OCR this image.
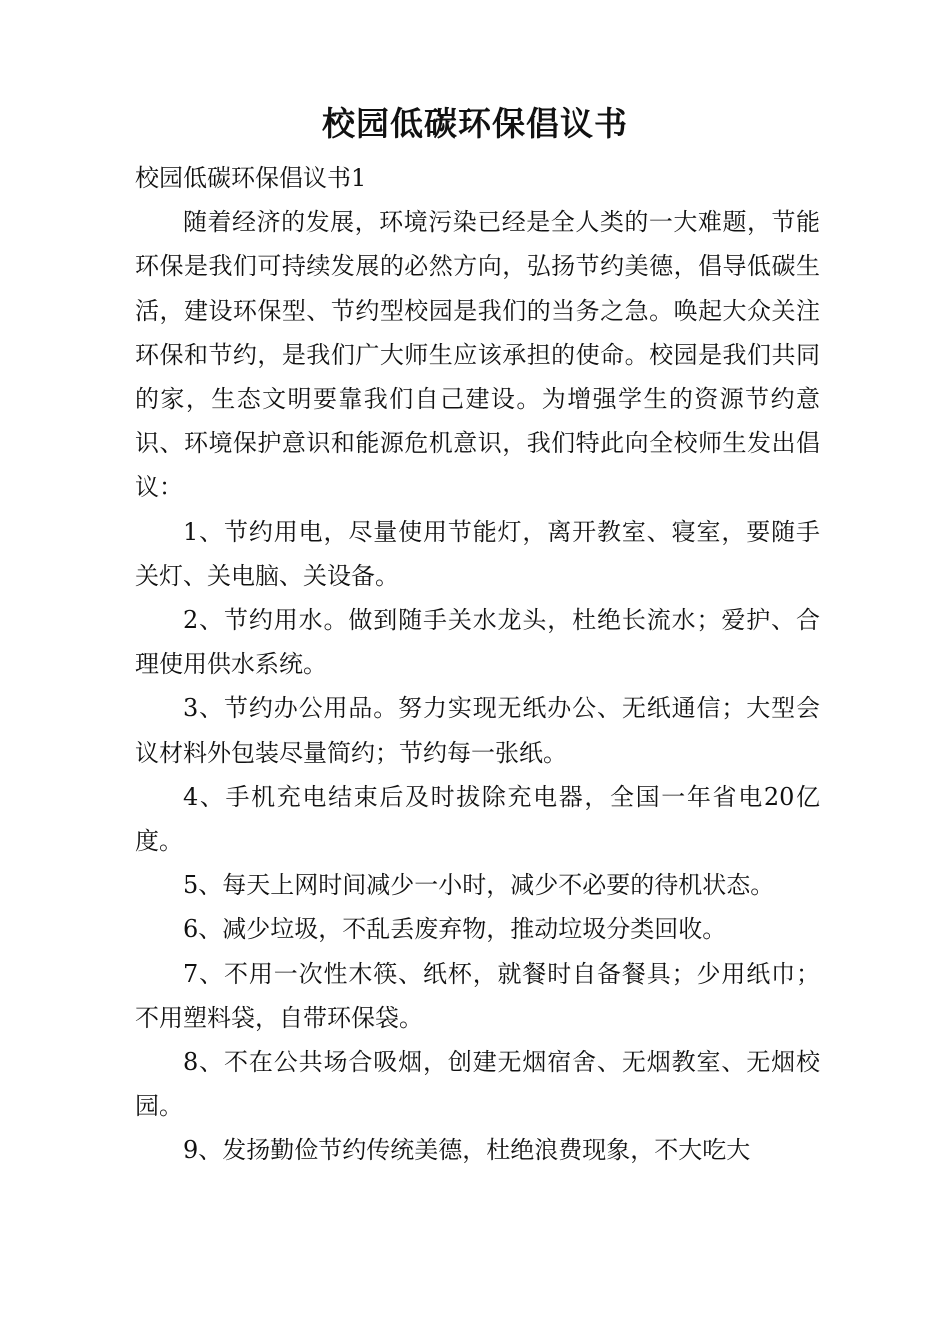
校园低碳环保倡议书

校园低碳环保倡议书1

随着经济的发展，环境污染已经是全人类的一大难题，节能环保是我们可持续发展的必然方向，弘扬节约美德，倡导低碳生活，建设环保型、节约型校园是我们的当务之急。唤起大众关注环保和节约，是我们广大师生应该承担的使命。校园是我们共同的家，生态文明要靠我们自己建设。为增强学生的资源节约意识、环境保护意识和能源危机意识，我们特此向全校师生发出倡议：

1、节约用电，尽量使用节能灯，离开教室、寝室，要随手关灯、关电脑、关设备。

2、节约用水。做到随手关水龙头，杜绝长流水；爱护、合理使用供水系统。

3、节约办公用品。努力实现无纸办公、无纸通信；大型会议材料外包装尽量简约；节约每一张纸。

4、手机充电结束后及时拔除充电器，全国一年省电20亿度。

5、每天上网时间减少一小时，减少不必要的待机状态。

6、减少垃圾，不乱丢废弃物，推动垃圾分类回收。

7、不用一次性木筷、纸杯，就餐时自备餐具；少用纸巾；不用塑料袋，自带环保袋。

8、不在公共场合吸烟，创建无烟宿舍、无烟教室、无烟校园。

9、发扬勤俭节约传统美德，杜绝浪费现象，不大吃大
